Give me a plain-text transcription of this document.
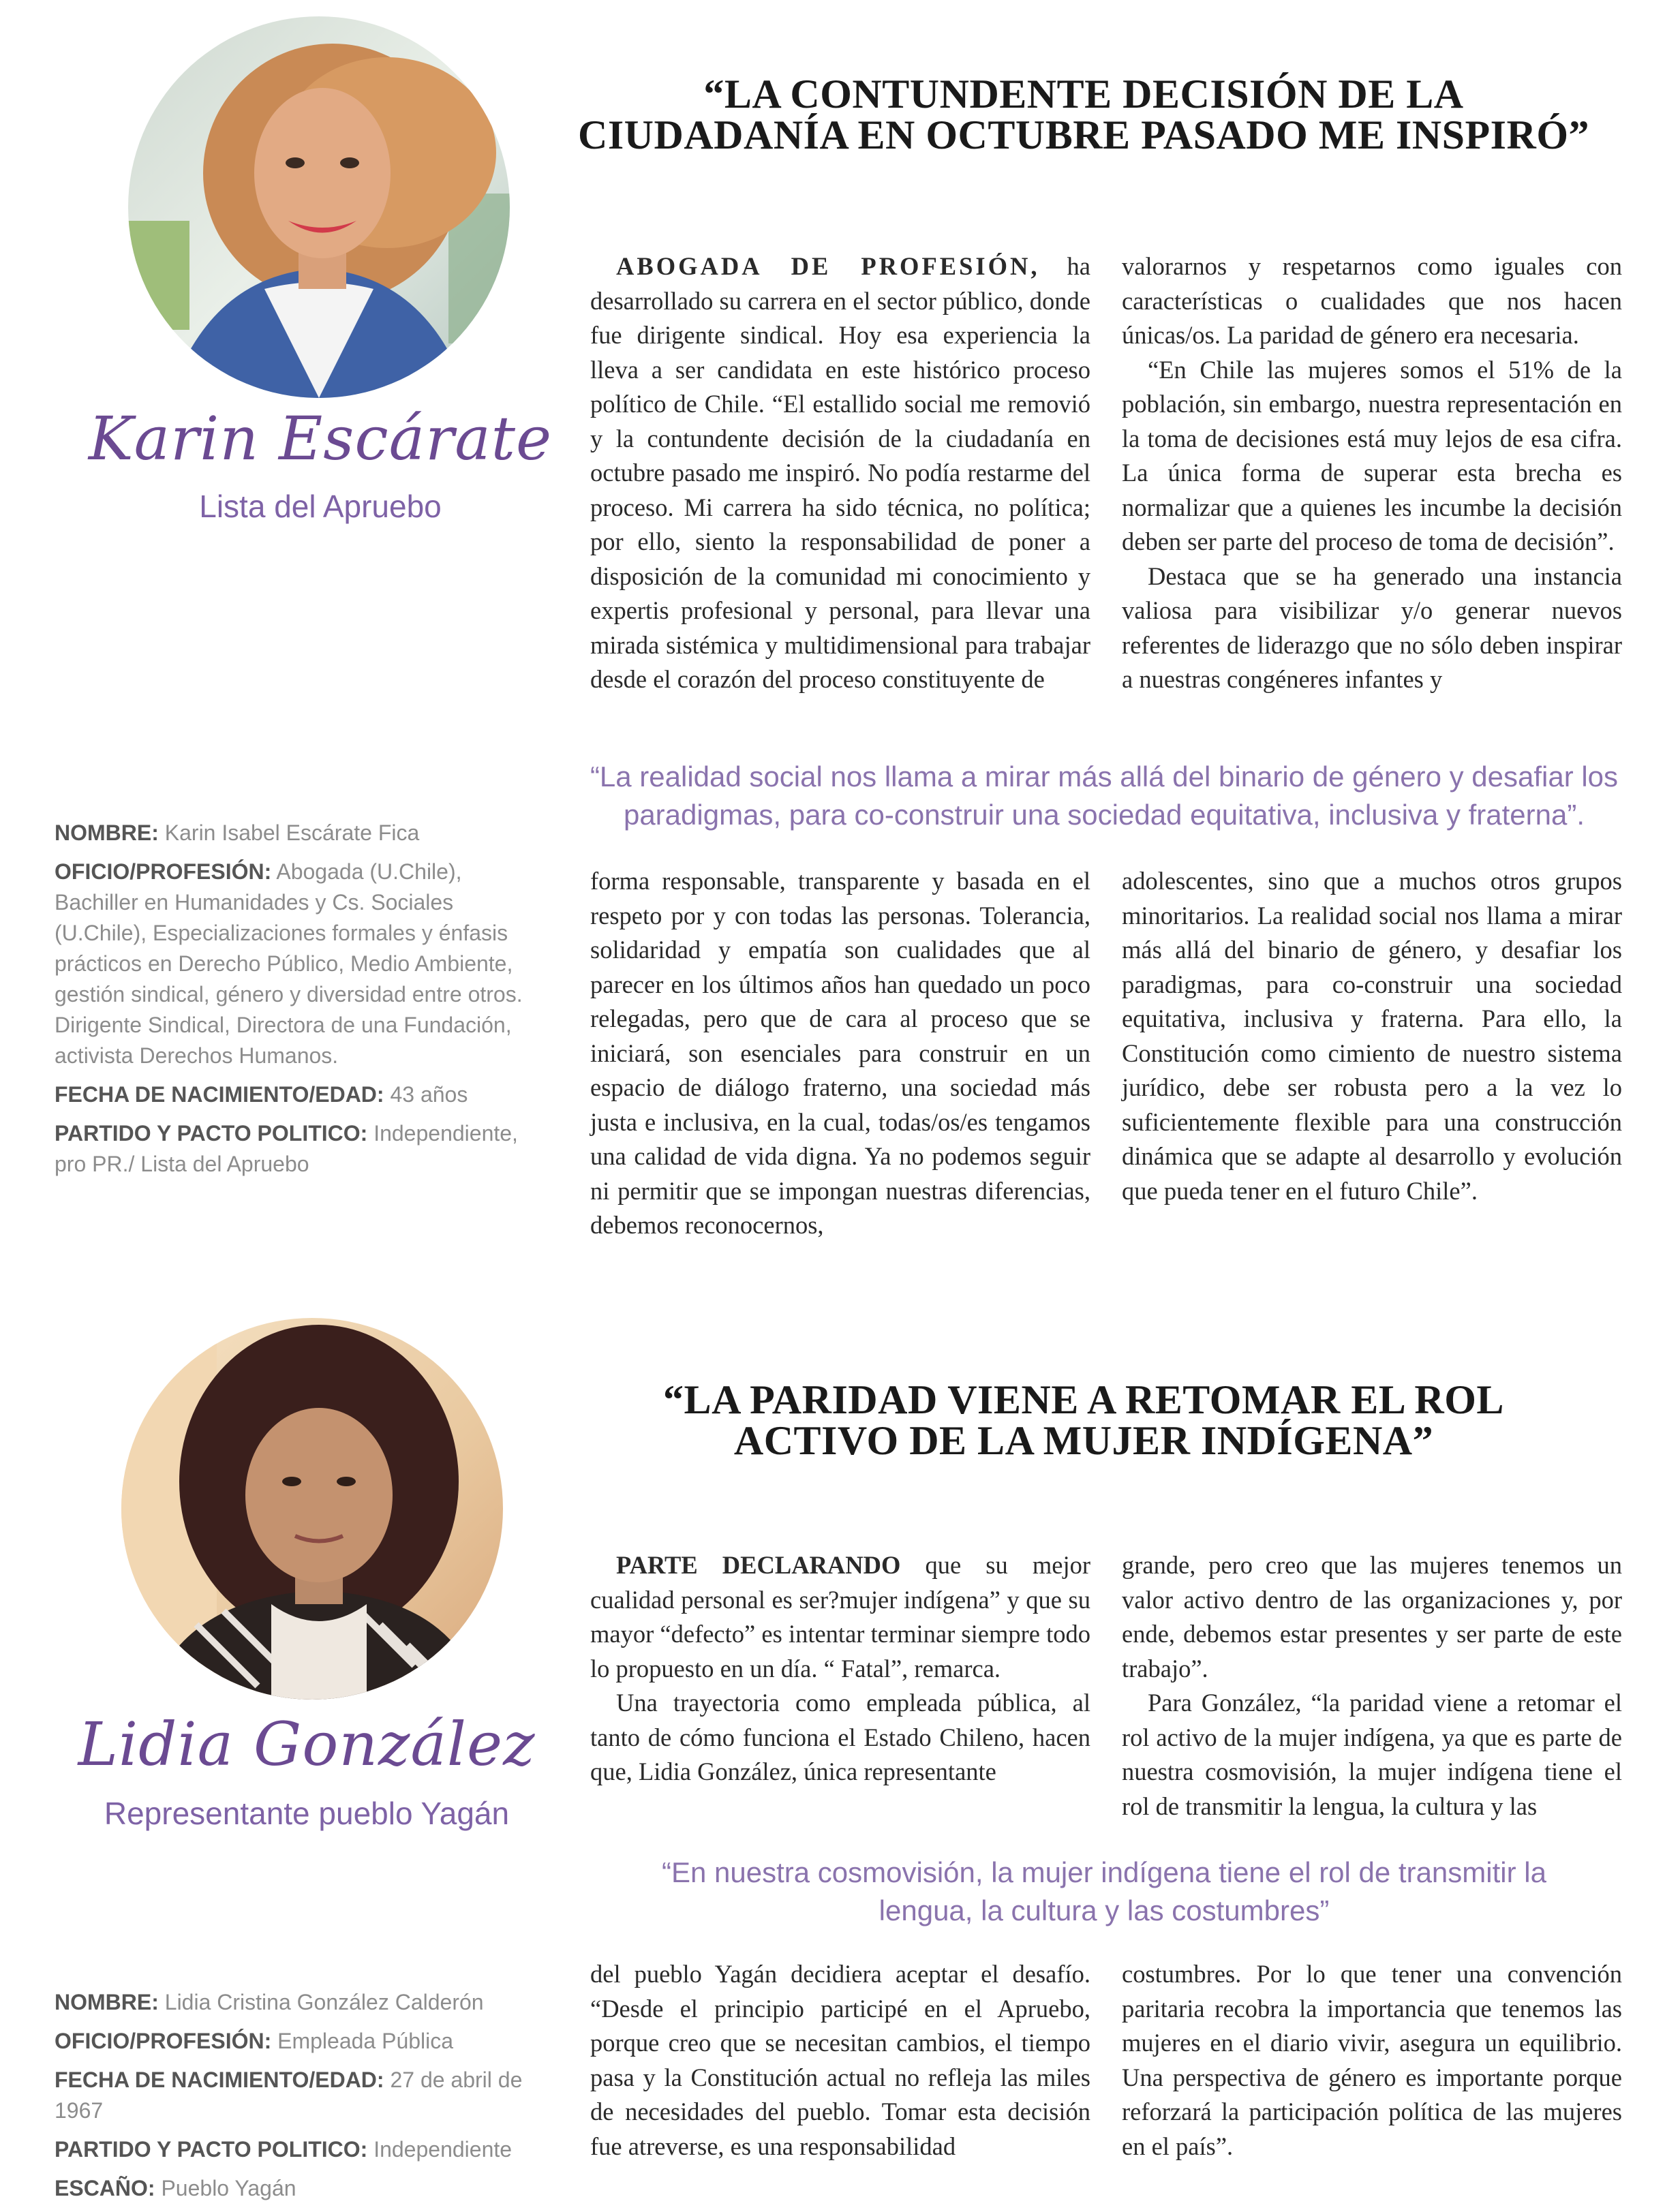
Karin Escárate
Lista del Apruebo
“LA CONTUNDENTE DECISIÓN DE LA
CIUDADANÍA EN OCTUBRE PASADO ME INSPIRÓ”

ABOGADA DE PROFESIÓN, ha desarrollado su carrera en el sector público, donde fue dirigente sindical. Hoy esa experiencia la lleva a ser candidata en este histórico proceso político de Chile. “El estallido social me removió y la contundente decisión de la ciudadanía en octubre pasado me inspiró. No podía restarme del proceso. Mi carrera ha sido técnica, no política; por ello, siento la responsabilidad de poner a disposición de la comunidad mi conocimiento y expertis profesional y personal, para llevar una mirada sistémica y multidimensional para trabajar desde el corazón del proceso constituyente de

valorarnos y respetarnos como iguales con características o cualidades que nos hacen únicas/os. La paridad de género era necesaria.

“En Chile las mujeres somos el 51% de la población, sin embargo, nuestra representación en la toma de decisiones está muy lejos de esa cifra. La única forma de superar esta brecha es normalizar que a quienes les incumbe la decisión deben ser parte del proceso de toma de decisión”.

Destaca que se ha generado una instancia valiosa para visibilizar y/o generar nuevos referentes de liderazgo que no sólo deben inspirar a nuestras congéneres infantes y

“La realidad social nos llama a mirar más allá del binario de género y desafiar los
paradigmas, para co-construir una sociedad equitativa, inclusiva y fraterna”.

forma responsable, transparente y basada en el respeto por y con todas las personas. Tolerancia, solidaridad y empatía son cualidades que al parecer en los últimos años han quedado un poco relegadas, pero que de cara al proceso que se iniciará, son esenciales para construir en un espacio de diálogo fraterno, una sociedad más justa e inclusiva, en la cual, todas/os/es tengamos una calidad de vida digna. Ya no podemos seguir ni permitir que se impongan nuestras diferencias, debemos reconocernos,

adolescentes, sino que a muchos otros grupos minoritarios. La realidad social nos llama a mirar más allá del binario de género, y desafiar los paradigmas, para co-construir una sociedad equitativa, inclusiva y fraterna. Para ello, la Constitución como cimiento de nuestro sistema jurídico, debe ser robusta pero a la vez lo suficientemente flexible para una construcción dinámica que se adapte al desarrollo y evolución que pueda tener en el futuro Chile”.

NOMBRE: Karin Isabel Escárate Fica

OFICIO/PROFESIÓN: Abogada (U.Chile), Bachiller en Humanidades y Cs. Sociales (U.Chile), Especializaciones formales y énfasis prácticos en Derecho Público, Medio Ambiente, gestión sindical, género y diversidad entre otros. Dirigente Sindical, Directora de una Fundación, activista Derechos Humanos.

FECHA DE NACIMIENTO/EDAD: 43 años

PARTIDO Y PACTO POLITICO: Independiente, pro PR./ Lista del Apruebo

Lidia González
Representante pueblo Yagán
“LA PARIDAD VIENE A RETOMAR EL ROL
ACTIVO DE LA MUJER INDÍGENA”

PARTE DECLARANDO que su mejor cualidad personal es ser?mujer indígena” y que su mayor “defecto” es intentar terminar siempre todo lo propuesto en un día. “ Fatal”, remarca.

Una trayectoria como empleada pública, al tanto de cómo funciona el Estado Chileno, hacen que, Lidia González, única representante

grande, pero creo que las mujeres tenemos un valor activo dentro de las organizaciones y, por ende, debemos estar presentes y ser parte de este trabajo”.

Para González, “la paridad viene a retomar el rol activo de la mujer indígena, ya que es parte de nuestra cosmovisión, la mujer indígena tiene el rol de transmitir la lengua, la cultura y las

“En nuestra cosmovisión, la mujer indígena tiene el rol de transmitir la
lengua, la cultura y las costumbres”

del pueblo Yagán decidiera aceptar el desafío. “Desde el principio participé en el Apruebo, porque creo que se necesitan cambios, el tiempo pasa y la Constitución actual no refleja las miles de necesidades del pueblo. Tomar esta decisión fue atreverse, es una responsabilidad

costumbres. Por lo que tener una convención paritaria recobra la importancia que tenemos las mujeres en el diario vivir, asegura un equilibrio. Una perspectiva de género es importante porque reforzará la participación política de las mujeres en el país”.

NOMBRE: Lidia Cristina González Calderón

OFICIO/PROFESIÓN: Empleada Pública

FECHA DE NACIMIENTO/EDAD: 27 de abril de 1967

PARTIDO Y PACTO POLITICO: Independiente

ESCAÑO: Pueblo Yagán
